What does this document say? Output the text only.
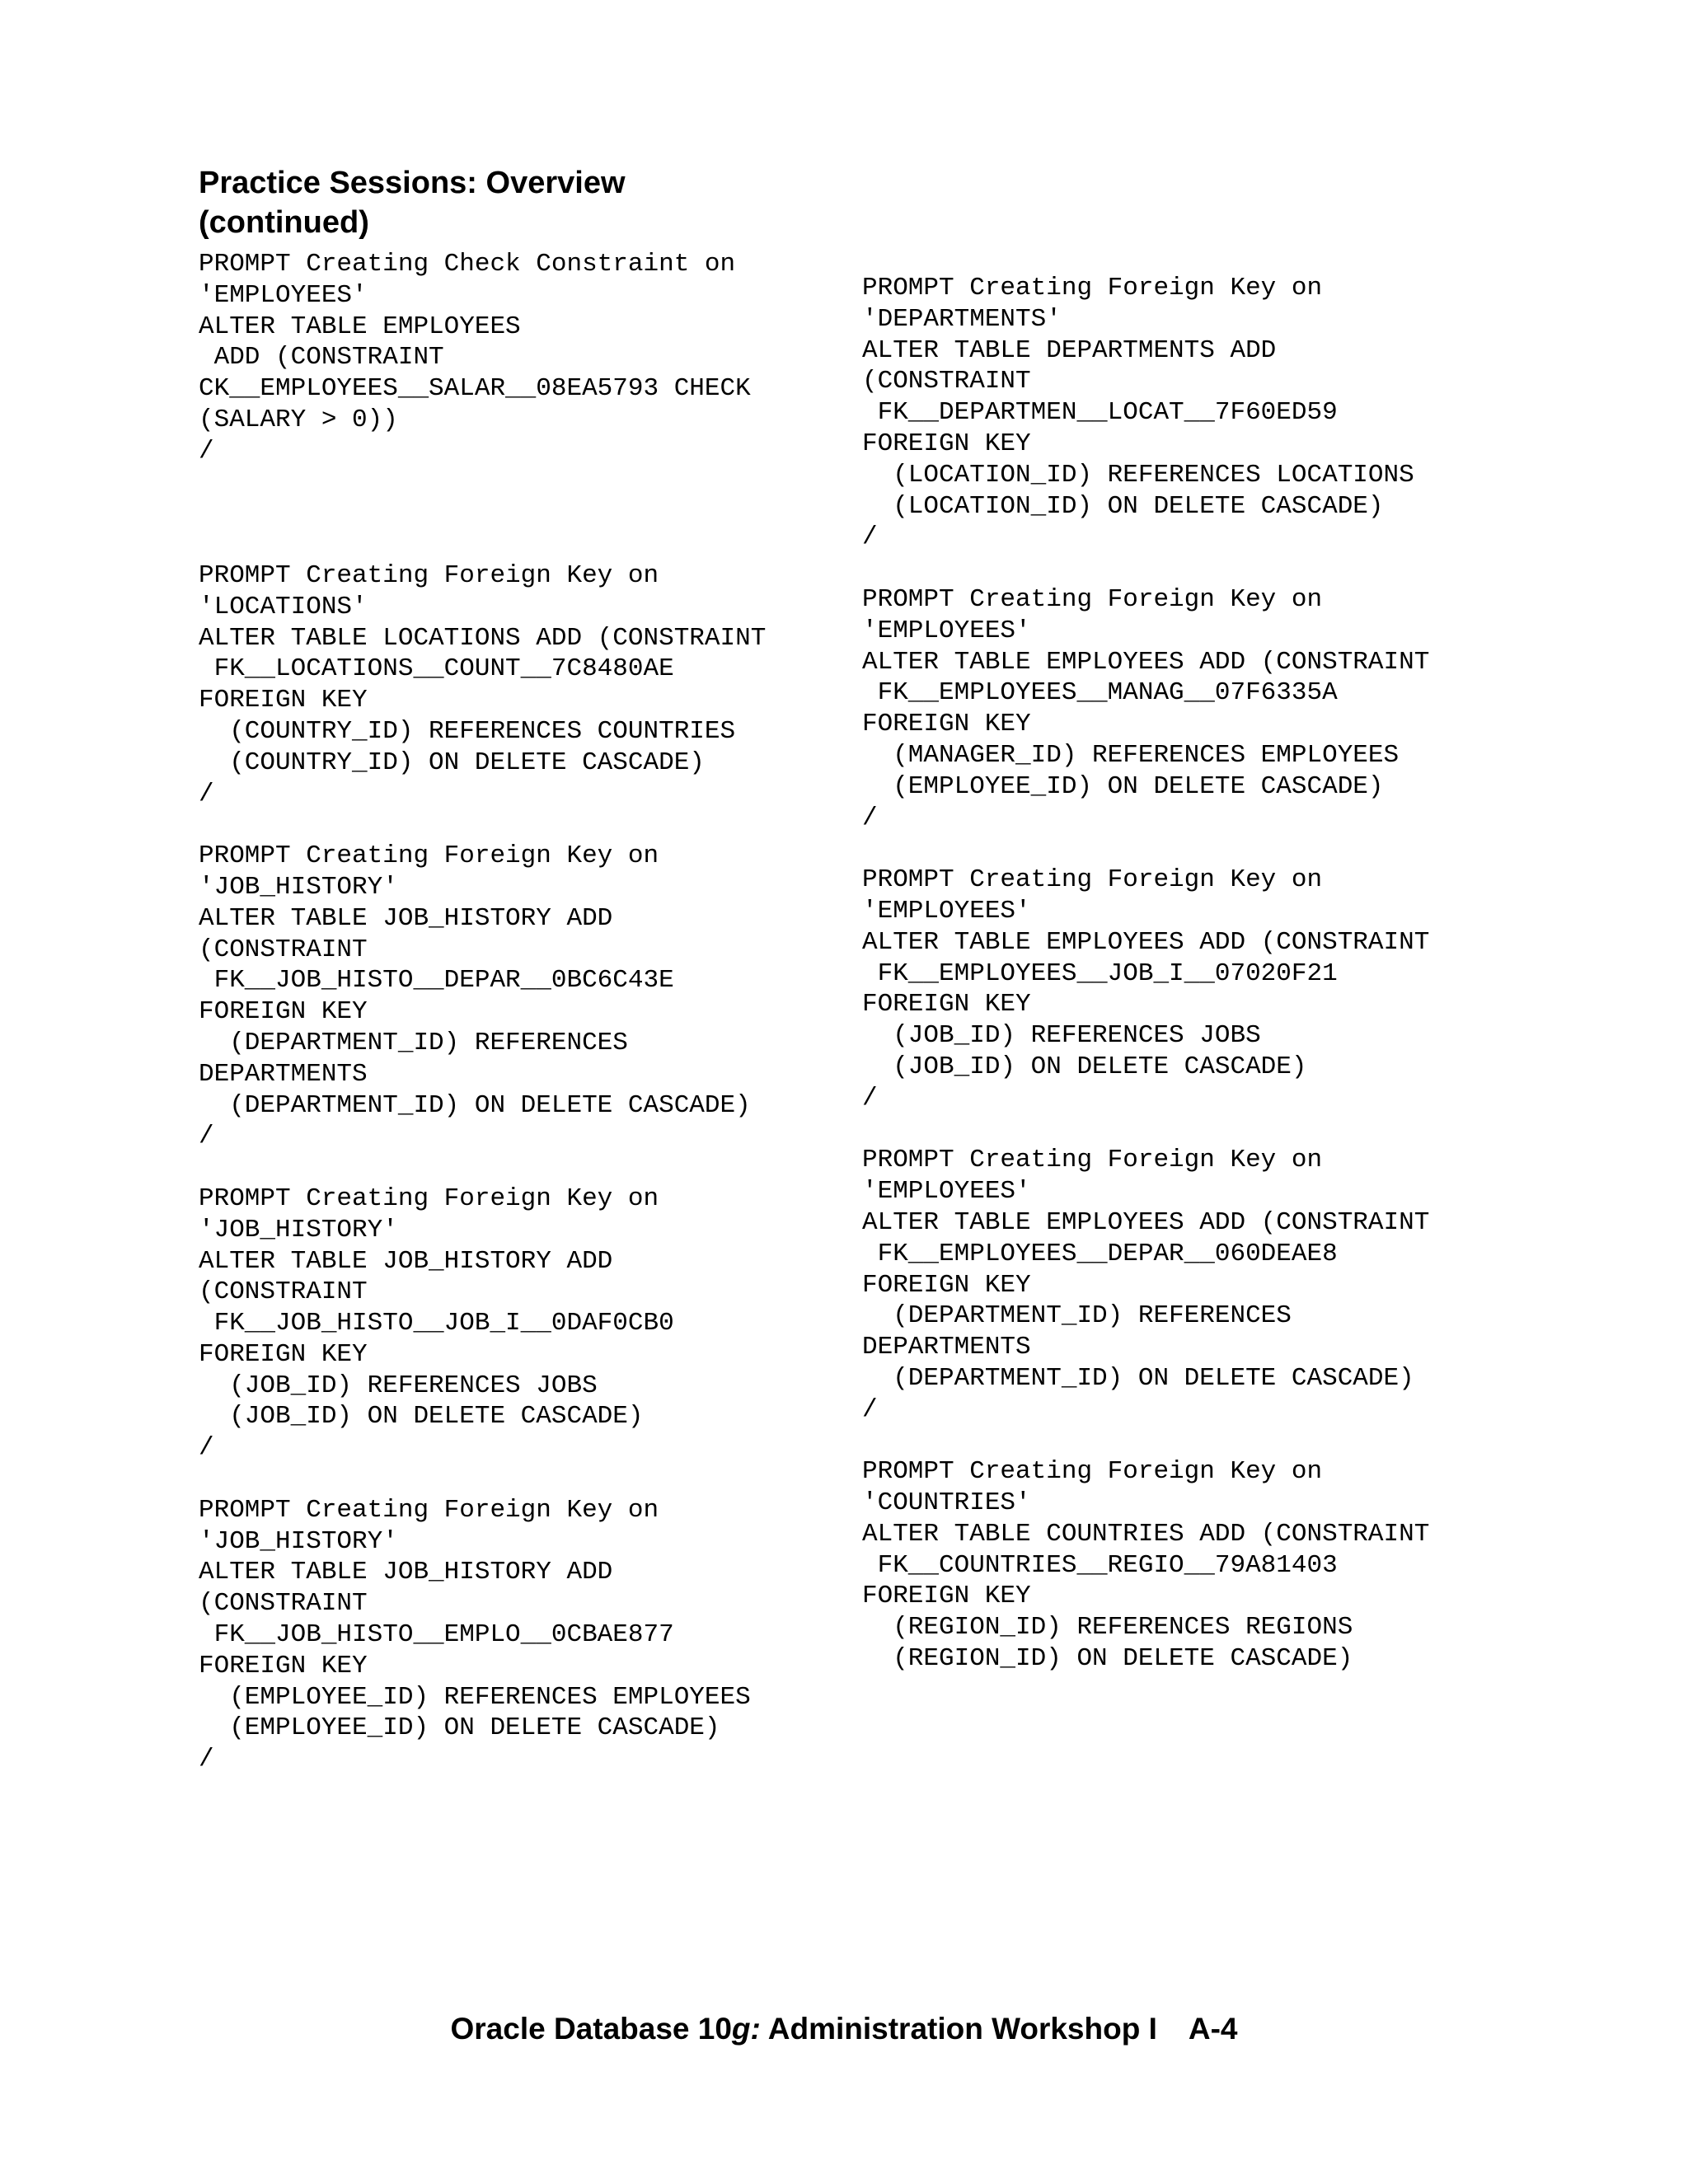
Practice Sessions: Overview
(continued)
PROMPT Creating Check Constraint on
'EMPLOYEES'
ALTER TABLE EMPLOYEES
ADD (CONSTRAINT
CK__EMPLOYEES__SALAR__08EA5793 CHECK
(SALARY > 0))
/
PROMPT Creating Foreign Key on
'LOCATIONS'
ALTER TABLE LOCATIONS ADD (CONSTRAINT
FK__LOCATIONS__COUNT__7C8480AE
FOREIGN KEY
(COUNTRY_ID) REFERENCES COUNTRIES
(COUNTRY_ID) ON DELETE CASCADE)
/
PROMPT Creating Foreign Key on
'JOB_HISTORY'
ALTER TABLE JOB_HISTORY ADD
(CONSTRAINT
FK__JOB_HISTO__DEPAR__0BC6C43E
FOREIGN KEY
(DEPARTMENT_ID) REFERENCES
DEPARTMENTS
(DEPARTMENT_ID) ON DELETE CASCADE)
/
PROMPT Creating Foreign Key on
'JOB_HISTORY'
ALTER TABLE JOB_HISTORY ADD
(CONSTRAINT
FK__JOB_HISTO__JOB_I__0DAF0CB0
FOREIGN KEY
(JOB_ID) REFERENCES JOBS
(JOB_ID) ON DELETE CASCADE)
/
PROMPT Creating Foreign Key on
'JOB_HISTORY'
ALTER TABLE JOB_HISTORY ADD
(CONSTRAINT
FK__JOB_HISTO__EMPLO__0CBAE877
FOREIGN KEY
(EMPLOYEE_ID) REFERENCES EMPLOYEES
(EMPLOYEE_ID) ON DELETE CASCADE)
/
PROMPT Creating Foreign Key on
'DEPARTMENTS'
ALTER TABLE DEPARTMENTS ADD
(CONSTRAINT
FK__DEPARTMEN__LOCAT__7F60ED59
FOREIGN KEY
(LOCATION_ID) REFERENCES LOCATIONS
(LOCATION_ID) ON DELETE CASCADE)
/
PROMPT Creating Foreign Key on
'EMPLOYEES'
ALTER TABLE EMPLOYEES ADD (CONSTRAINT
FK__EMPLOYEES__MANAG__07F6335A
FOREIGN KEY
(MANAGER_ID) REFERENCES EMPLOYEES
(EMPLOYEE_ID) ON DELETE CASCADE)
/
PROMPT Creating Foreign Key on
'EMPLOYEES'
ALTER TABLE EMPLOYEES ADD (CONSTRAINT
FK__EMPLOYEES__JOB_I__07020F21
FOREIGN KEY
(JOB_ID) REFERENCES JOBS
(JOB_ID) ON DELETE CASCADE)
/
PROMPT Creating Foreign Key on
'EMPLOYEES'
ALTER TABLE EMPLOYEES ADD (CONSTRAINT
FK__EMPLOYEES__DEPAR__060DEAE8
FOREIGN KEY
(DEPARTMENT_ID) REFERENCES
DEPARTMENTS
(DEPARTMENT_ID) ON DELETE CASCADE)
/
PROMPT Creating Foreign Key on
'COUNTRIES'
ALTER TABLE COUNTRIES ADD (CONSTRAINT
FK__COUNTRIES__REGIO__79A81403
FOREIGN KEY
(REGION_ID) REFERENCES REGIONS
(REGION_ID) ON DELETE CASCADE)
Oracle Database 10g: Administration Workshop I A-4
